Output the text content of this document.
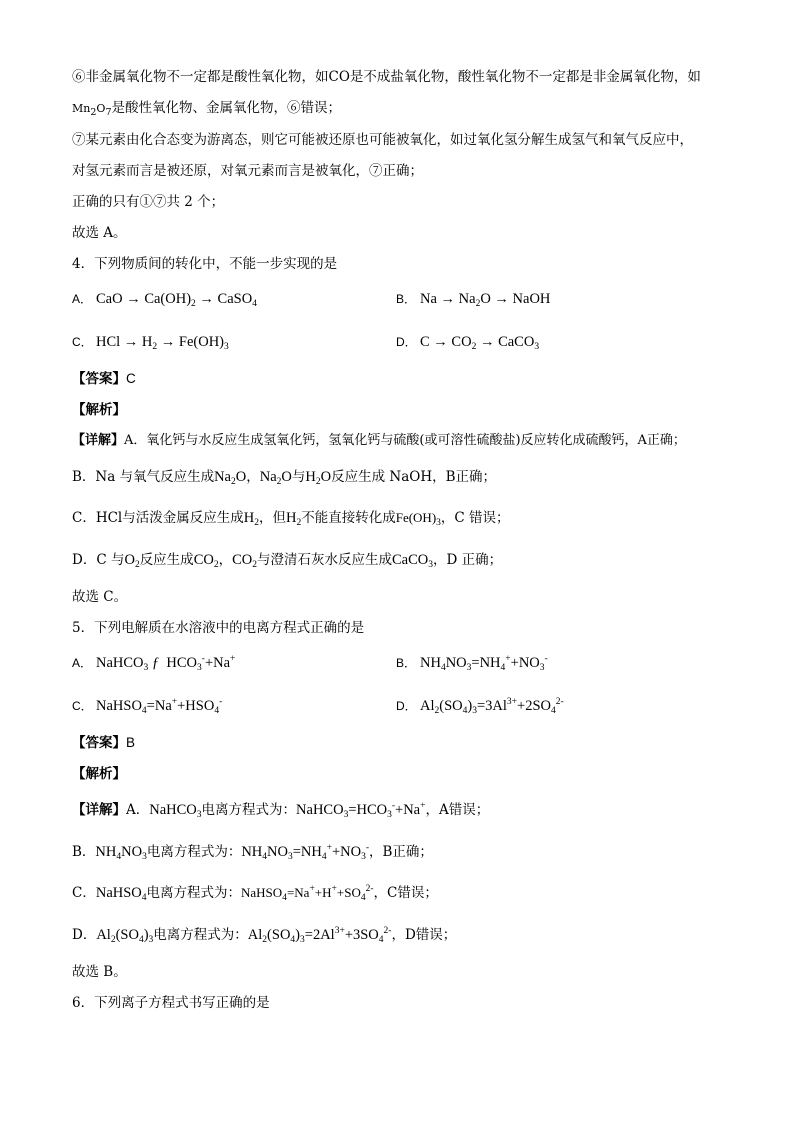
⑥非金属氧化物不一定都是酸性氧化物，如CO是不成盐氧化物，酸性氧化物不一定都是非金属氧化物，如
$Mn_2O_7$是酸性氧化物、金属氧化物，⑥错误；
⑦某元素由化合态变为游离态，则它可能被还原也可能被氧化，如过氧化氢分解生成氢气和氧气反应中，
对氢元素而言是被还原，对氧元素而言是被氧化，⑦正确；
正确的只有①⑦共 2 个；
故选 A。
4．下列物质间的转化中，不能一步实现的是
A． CaO → $Ca(OH)_2$ → CaSO$_4$	B． $Na \to Na_2O$ → NaOH
C． HCl → $H_2 \to Fe(OH)_3$	D． $C \to CO_2$ → CaCO$_3$
【答案】C
【解析】
【详解】A．氧化钙与水反应生成氢氧化钙，氢氧化钙与硫酸(或可溶性硫酸盐)反应转化成硫酸钙，A正确；
B．Na 与氧气反应生成$Na_2O$，$Na_2O$与$H_2O$反应生成 NaOH，B正确；
C．HCl与活泼金属反应生成$H_2$，但$H_2$不能直接转化成$Fe(OH)_3$，C 错误；
D．C 与$O_2$反应生成$CO_2$，$CO_2$与澄清石灰水反应生成CaCO$_3$，D 正确；
故选 C。
5．下列电解质在水溶液中的电离方程式正确的是
A． NaHCO$_3$ ƒ  $HCO_3^-+Na^+$	B． $NH_4NO_3=NH_4^++NO_3^-$
C． $NaHSO_4=Na^++HSO_4^-$	D． $Al_2(SO_4)_3=3Al^{3+}+2SO_4^{2-}$
【答案】B
【解析】
【详解】A．NaHCO$_3$电离方程式为：$NaHCO_3=HCO_3^-+Na^+$，A错误；
B．$NH_4NO_3$电离方程式为：$NH_4NO_3=NH_4^++NO_3^-$，B正确；
C．NaHSO$_4$电离方程式为：$NaHSO_4=Na^++H^++SO_4^{2-}$，C错误；
D．$Al_2(SO_4)_3$电离方程式为：$Al_2(SO_4)_3=2Al^{3+}+3SO_4^{2-}$，D错误；
故选 B。
6．下列离子方程式书写正确的是
